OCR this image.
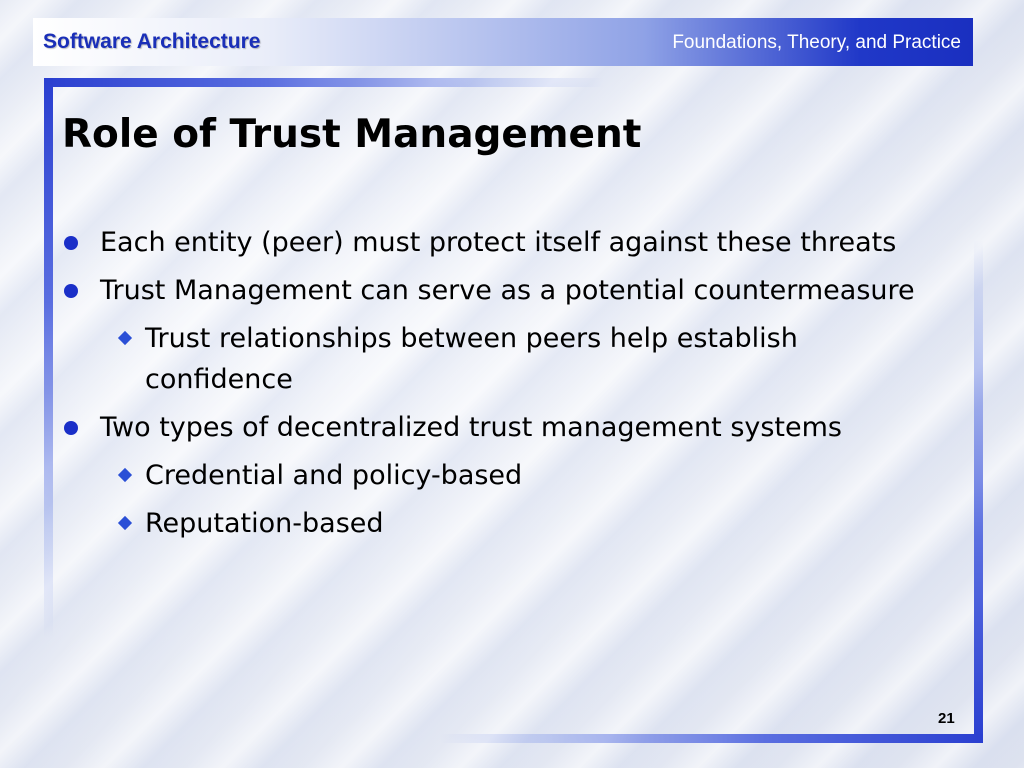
Software Architecture	Foundations, Theory, and Practice
Role of Trust Management
Each entity (peer) must protect itself against these threats
Trust Management can serve as a potential countermeasure
Trust relationships between peers help establish confidence
Two types of decentralized trust management systems
Credential and policy-based
Reputation-based
21
